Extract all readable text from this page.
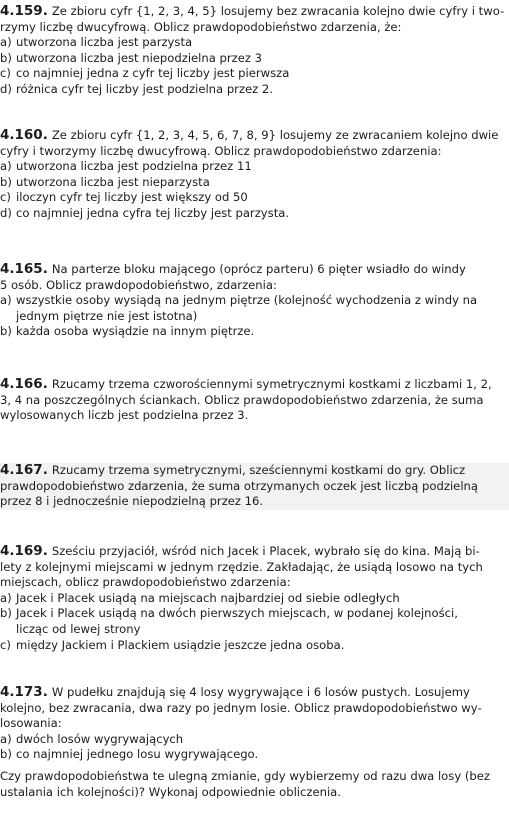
4.159. Ze zbioru cyfr {1, 2, 3, 4, 5} losujemy bez zwracania kolejno dwie cyfry i two-
rzymy liczbę dwucyfrową. Oblicz prawdopodobieństwo zdarzenia, że:

a) utworzona liczba jest parzysta
b) utworzona liczba jest niepodzielna przez 3
c) co najmniej jedna z cyfr tej liczby jest pierwsza
d) różnica cyfr tej liczby jest podzielna przez 2.

4.160. Ze zbioru cyfr {1, 2, 3, 4, 5, 6, 7, 8, 9} losujemy ze zwracaniem kolejno dwie
cyfry i tworzymy liczbę dwucyfrową. Oblicz prawdopodobieństwo zdarzenia:

a) utworzona liczba jest podzielna przez 11
b) utworzona liczba jest nieparzysta
c) iloczyn cyfr tej liczby jest większy od 50
d) co najmniej jedna cyfra tej liczby jest parzysta.

4.165. Na parterze bloku mającego (oprócz parteru) 6 pięter wsiadło do windy
5 osób. Oblicz prawdopodobieństwo, zdarzenia:

a) wszystkie osoby wysiądą na jednym piętrze (kolejność wychodzenia z windy na
jednym piętrze nie jest istotna)
b) każda osoba wysiądzie na innym piętrze.

4.166. Rzucamy trzema czworościennymi symetrycznymi kostkami z liczbami 1, 2,
3, 4 na poszczególnych ściankach. Oblicz prawdopodobieństwo zdarzenia, że suma
wylosowanych liczb jest podzielna przez 3.

4.167. Rzucamy trzema symetrycznymi, sześciennymi kostkami do gry. Oblicz
prawdopodobieństwo zdarzenia, że suma otrzymanych oczek jest liczbą podzielną
przez 8 i jednocześnie niepodzielną przez 16.

4.169. Sześciu przyjaciół, wśród nich Jacek i Placek, wybrało się do kina. Mają bi-
lety z kolejnymi miejscami w jednym rzędzie. Zakładając, że usiądą losowo na tych
miejscach, oblicz prawdopodobieństwo zdarzenia:

a) Jacek i Placek usiądą na miejscach najbardziej od siebie odległych
b) Jacek i Placek usiądą na dwóch pierwszych miejscach, w podanej kolejności,
licząc od lewej strony
c) między Jackiem i Plackiem usiądzie jeszcze jedna osoba.

4.173. W pudełku znajdują się 4 losy wygrywające i 6 losów pustych. Losujemy
kolejno, bez zwracania, dwa razy po jednym losie. Oblicz prawdopodobieństwo wy-
losowania:

a) dwóch losów wygrywających
b) co najmniej jednego losu wygrywającego.

Czy prawdopodobieństwa te ulegną zmianie, gdy wybierzemy od razu dwa losy (bez
ustalania ich kolejności)? Wykonaj odpowiednie obliczenia.
